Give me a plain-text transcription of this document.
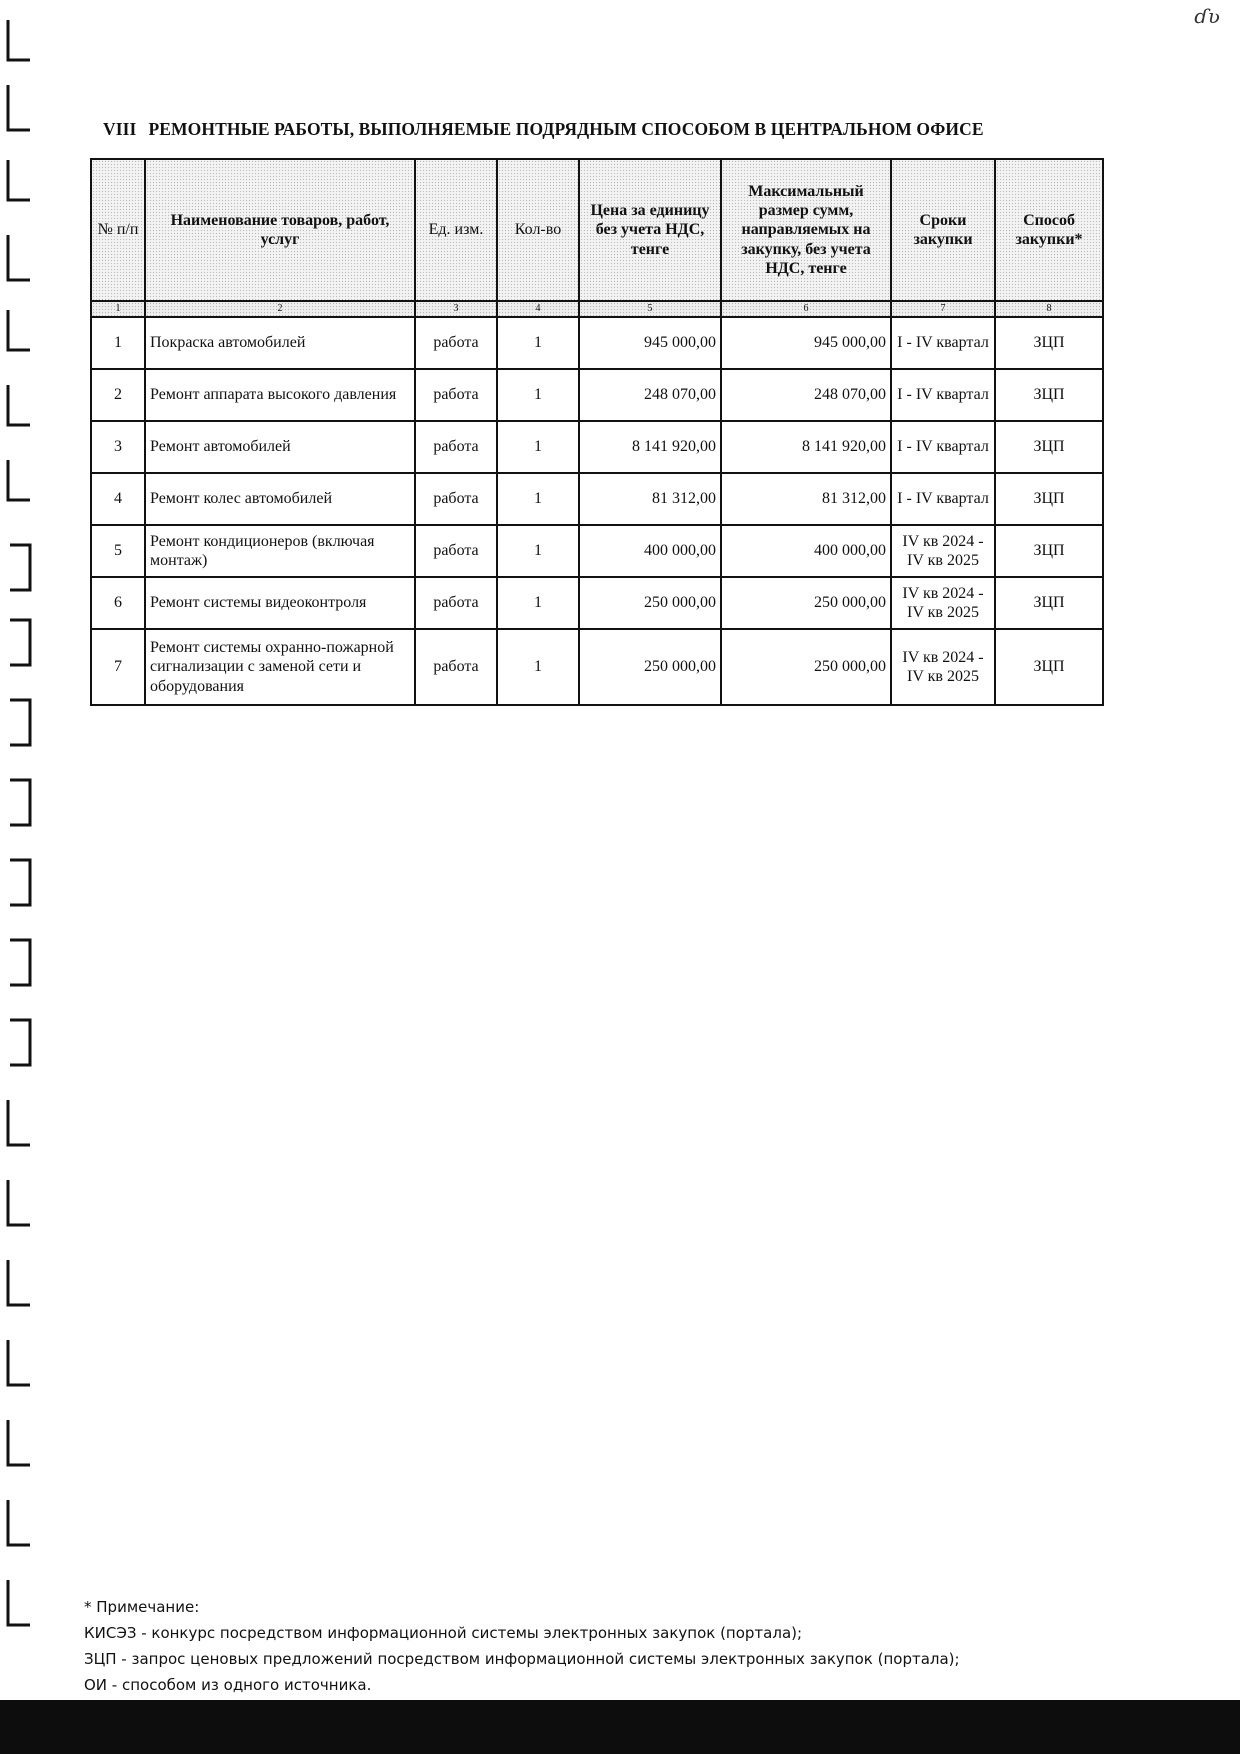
ɗʋ
VIII РЕМОНТНЫЕ РАБОТЫ, ВЫПОЛНЯЕМЫЕ ПОДРЯДНЫМ СПОСОБОМ В ЦЕНТРАЛЬНОМ ОФИСЕ
№ п/п	Наименование товаров, работ, услуг	Ед. изм.	Кол-во	Цена за единицу без учета НДС, тенге	Максимальный размер сумм, направляемых на закупку, без учета НДС, тенге	Сроки закупки	Способ закупки*
1	2	3	4	5	6	7	8
1	Покраска автомобилей	работа	1	945 000,00	945 000,00	I - IV квартал	ЗЦП
2	Ремонт аппарата высокого давления	работа	1	248 070,00	248 070,00	I - IV квартал	ЗЦП
3	Ремонт автомобилей	работа	1	8 141 920,00	8 141 920,00	I - IV квартал	ЗЦП
4	Ремонт колес автомобилей	работа	1	81 312,00	81 312,00	I - IV квартал	ЗЦП
5	Ремонт кондиционеров (включая монтаж)	работа	1	400 000,00	400 000,00	IV кв 2024 - IV кв 2025	ЗЦП
6	Ремонт системы видеоконтроля	работа	1	250 000,00	250 000,00	IV кв 2024 - IV кв 2025	ЗЦП
7	Ремонт системы охранно-пожарной сигнализации с заменой сети и оборудования	работа	1	250 000,00	250 000,00	IV кв 2024 - IV кв 2025	ЗЦП
* Примечание:
КИСЭЗ - конкурс посредством информационной системы электронных закупок (портала);
ЗЦП - запрос ценовых предложений посредством информационной системы электронных закупок (портала);
ОИ - способом из одного источника.
